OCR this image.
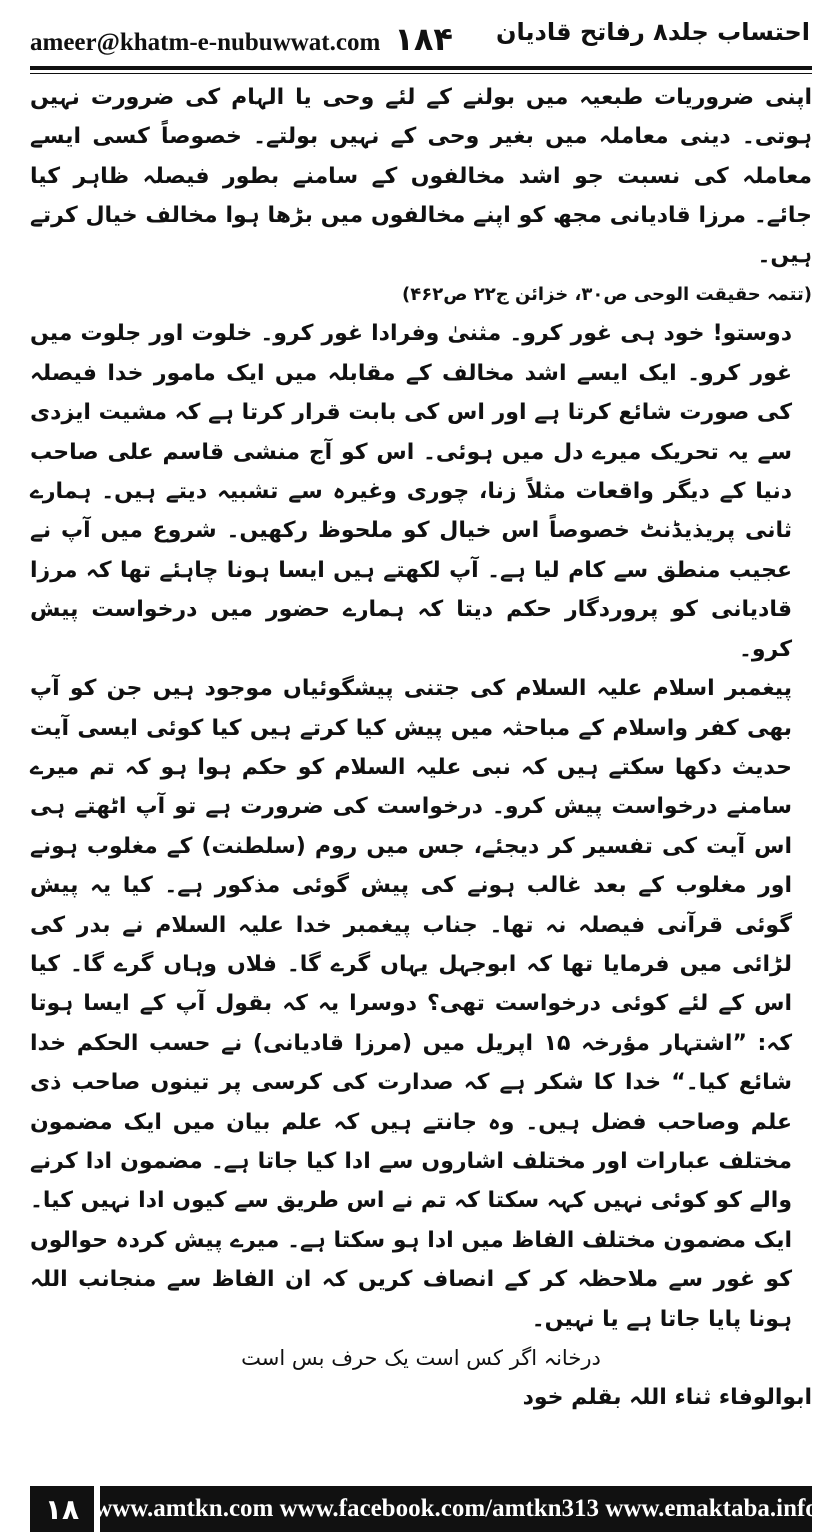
ameer@khatm-e-nubuwwat.com ۱۸۴ احتساب جلد۸ رفاتح قادیان

اپنی ضروریات طبعیہ میں بولنے کے لئے وحی یا الہام کی ضرورت نہیں ہوتی۔ دینی معاملہ میں بغیر وحی کے نہیں بولتے۔ خصوصاً کسی ایسے معاملہ کی نسبت جو اشد مخالفوں کے سامنے بطور فیصلہ ظاہر کیا جائے۔ مرزا قادیانی مجھ کو اپنے مخالفوں میں بڑھا ہوا مخالف خیال کرتے ہیں۔

(تتمہ حقیقت الوحی ص۳۰، خزائن ج۲۲ ص۴۶۲)

دوستو! خود ہی غور کرو۔ مثنیٰ وفرادا غور کرو۔ خلوت اور جلوت میں غور کرو۔ ایک ایسے اشد مخالف کے مقابلہ میں ایک مامور خدا فیصلہ کی صورت شائع کرتا ہے اور اس کی بابت قرار کرتا ہے کہ مشیت ایزدی سے یہ تحریک میرے دل میں ہوئی۔ اس کو آج منشی قاسم علی صاحب دنیا کے دیگر واقعات مثلاً زنا، چوری وغیرہ سے تشبیہ دیتے ہیں۔ ہمارے ثانی پریذیڈنٹ خصوصاً اس خیال کو ملحوظ رکھیں۔ شروع میں آپ نے عجیب منطق سے کام لیا ہے۔ آپ لکھتے ہیں ایسا ہونا چاہئے تھا کہ مرزا قادیانی کو پروردگار حکم دیتا کہ ہمارے حضور میں درخواست پیش کرو۔

پیغمبر اسلام علیہ السلام کی جتنی پیشگوئیاں موجود ہیں جن کو آپ بھی کفر واسلام کے مباحثہ میں پیش کیا کرتے ہیں کیا کوئی ایسی آیت حدیث دکھا سکتے ہیں کہ نبی علیہ السلام کو حکم ہوا ہو کہ تم میرے سامنے درخواست پیش کرو۔ درخواست کی ضرورت ہے تو آپ اٹھتے ہی اس آیت کی تفسیر کر دیجئے، جس میں روم (سلطنت) کے مغلوب ہونے اور مغلوب کے بعد غالب ہونے کی پیش گوئی مذکور ہے۔ کیا یہ پیش گوئی قرآنی فیصلہ نہ تھا۔ جناب پیغمبر خدا علیہ السلام نے بدر کی لڑائی میں فرمایا تھا کہ ابوجہل یہاں گرے گا۔ فلاں وہاں گرے گا۔ کیا اس کے لئے کوئی درخواست تھی؟ دوسرا یہ کہ بقول آپ کے ایسا ہوتا کہ: ”اشتہار مؤرخہ ۱۵ اپریل میں (مرزا قادیانی) نے حسب الحکم خدا شائع کیا۔“ خدا کا شکر ہے کہ صدارت کی کرسی پر تینوں صاحب ذی علم وصاحب فضل ہیں۔ وہ جانتے ہیں کہ علم بیان میں ایک مضمون مختلف عبارات اور مختلف اشاروں سے ادا کیا جاتا ہے۔ مضمون ادا کرنے والے کو کوئی نہیں کہہ سکتا کہ تم نے اس طریق سے کیوں ادا نہیں کیا۔ ایک مضمون مختلف الفاظ میں ادا ہو سکتا ہے۔ میرے پیش کردہ حوالوں کو غور سے ملاحظہ کر کے انصاف کریں کہ ان الفاظ سے منجانب اللہ ہونا پایا جاتا ہے یا نہیں۔

درخانہ اگر کس است یک حرف بس است

ابوالوفاء ثناء اللہ بقلم خود

۱۸ www.amtkn.com www.facebook.com/amtkn313 www.emaktaba.info
